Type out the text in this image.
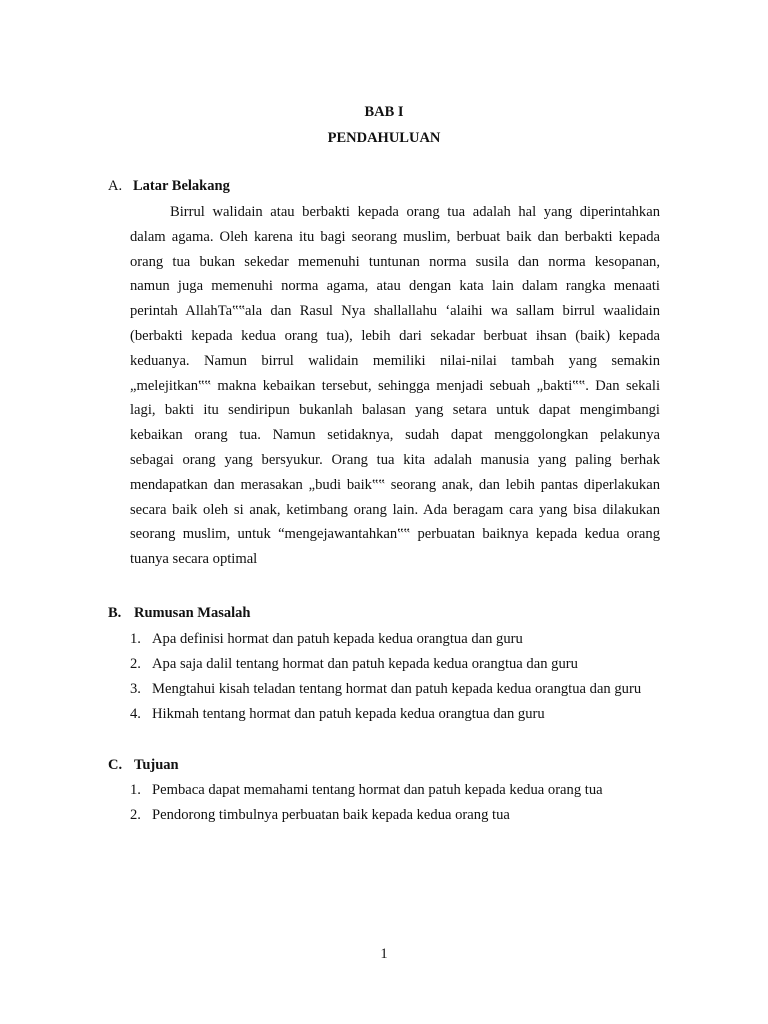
BAB I
PENDAHULUAN
A. Latar Belakang
Birrul walidain atau berbakti kepada orang tua adalah hal yang diperintahkan
dalam agama. Oleh karena itu bagi seorang muslim, berbuat baik dan berbakti kepada
orang tua bukan sekedar memenuhi tuntunan norma susila dan norma kesopanan,
namun juga memenuhi norma agama, atau dengan kata lain dalam rangka menaati
perintah AllahTa‟‟ala dan Rasul Nya shallallahu ‘alaihi wa sallam birrul waalidain
(berbakti kepada kedua orang tua), lebih dari sekadar berbuat ihsan (baik) kepada
keduanya. Namun birrul walidain memiliki nilai-nilai tambah yang semakin
„melejitkan‟‟ makna kebaikan tersebut, sehingga menjadi sebuah „bakti‟‟. Dan sekali
lagi, bakti itu sendiripun bukanlah balasan yang setara untuk dapat mengimbangi
kebaikan orang tua. Namun setidaknya, sudah dapat menggolongkan pelakunya
sebagai orang yang bersyukur. Orang tua kita adalah manusia yang paling berhak
mendapatkan dan merasakan „budi baik‟‟ seorang anak, dan lebih pantas diperlakukan
secara baik oleh si anak, ketimbang orang lain. Ada beragam cara yang bisa dilakukan
seorang muslim, untuk “mengejawantahkan‟‟ perbuatan baiknya kepada kedua orang
tuanya secara optimal
B. Rumusan Masalah
1. Apa definisi hormat dan patuh kepada kedua orangtua dan guru
2. Apa saja dalil tentang hormat dan patuh kepada kedua orangtua dan guru
3. Mengtahui kisah teladan tentang hormat dan patuh kepada kedua orangtua dan guru
4. Hikmah tentang hormat dan patuh kepada kedua orangtua dan guru
C. Tujuan
1. Pembaca dapat memahami tentang hormat dan patuh kepada kedua orang tua
2. Pendorong timbulnya perbuatan baik kepada kedua orang tua

1
